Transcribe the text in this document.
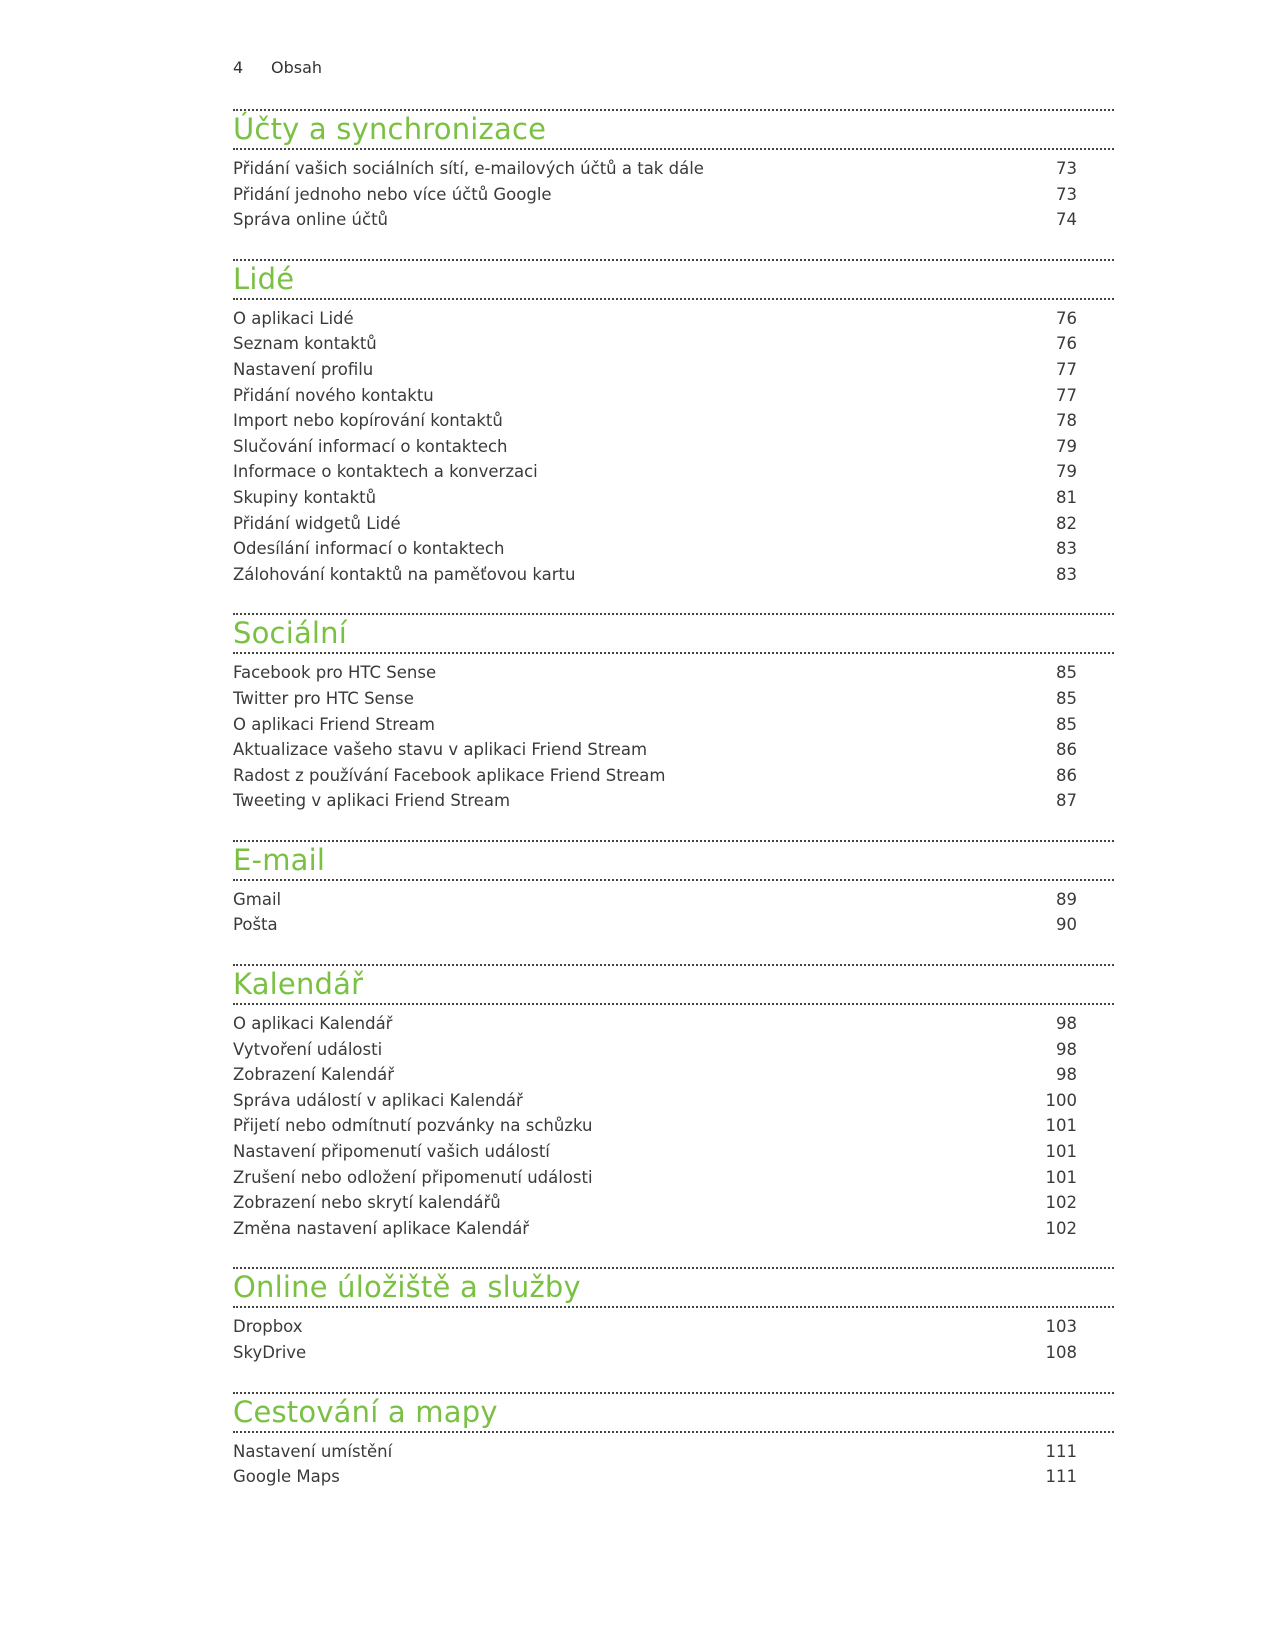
4 Obsah
Účty a synchronizace
Přidání vašich sociálních sítí, e-mailových účtů a tak dále	73
Přidání jednoho nebo více účtů Google	73
Správa online účtů	74
Lidé
O aplikaci Lidé	76
Seznam kontaktů	76
Nastavení profilu	77
Přidání nového kontaktu	77
Import nebo kopírování kontaktů	78
Slučování informací o kontaktech	79
Informace o kontaktech a konverzaci	79
Skupiny kontaktů	81
Přidání widgetů Lidé	82
Odesílání informací o kontaktech	83
Zálohování kontaktů na paměťovou kartu	83
Sociální
Facebook pro HTC Sense	85
Twitter pro HTC Sense	85
O aplikaci Friend Stream	85
Aktualizace vašeho stavu v aplikaci Friend Stream	86
Radost z používání Facebook aplikace Friend Stream	86
Tweeting v aplikaci Friend Stream	87
E-mail
Gmail	89
Pošta	90
Kalendář
O aplikaci Kalendář	98
Vytvoření události	98
Zobrazení Kalendář	98
Správa událostí v aplikaci Kalendář	100
Přijetí nebo odmítnutí pozvánky na schůzku	101
Nastavení připomenutí vašich událostí	101
Zrušení nebo odložení připomenutí události	101
Zobrazení nebo skrytí kalendářů	102
Změna nastavení aplikace Kalendář	102
Online úložiště a služby
Dropbox	103
SkyDrive	108
Cestování a mapy
Nastavení umístění	111
Google Maps	111
